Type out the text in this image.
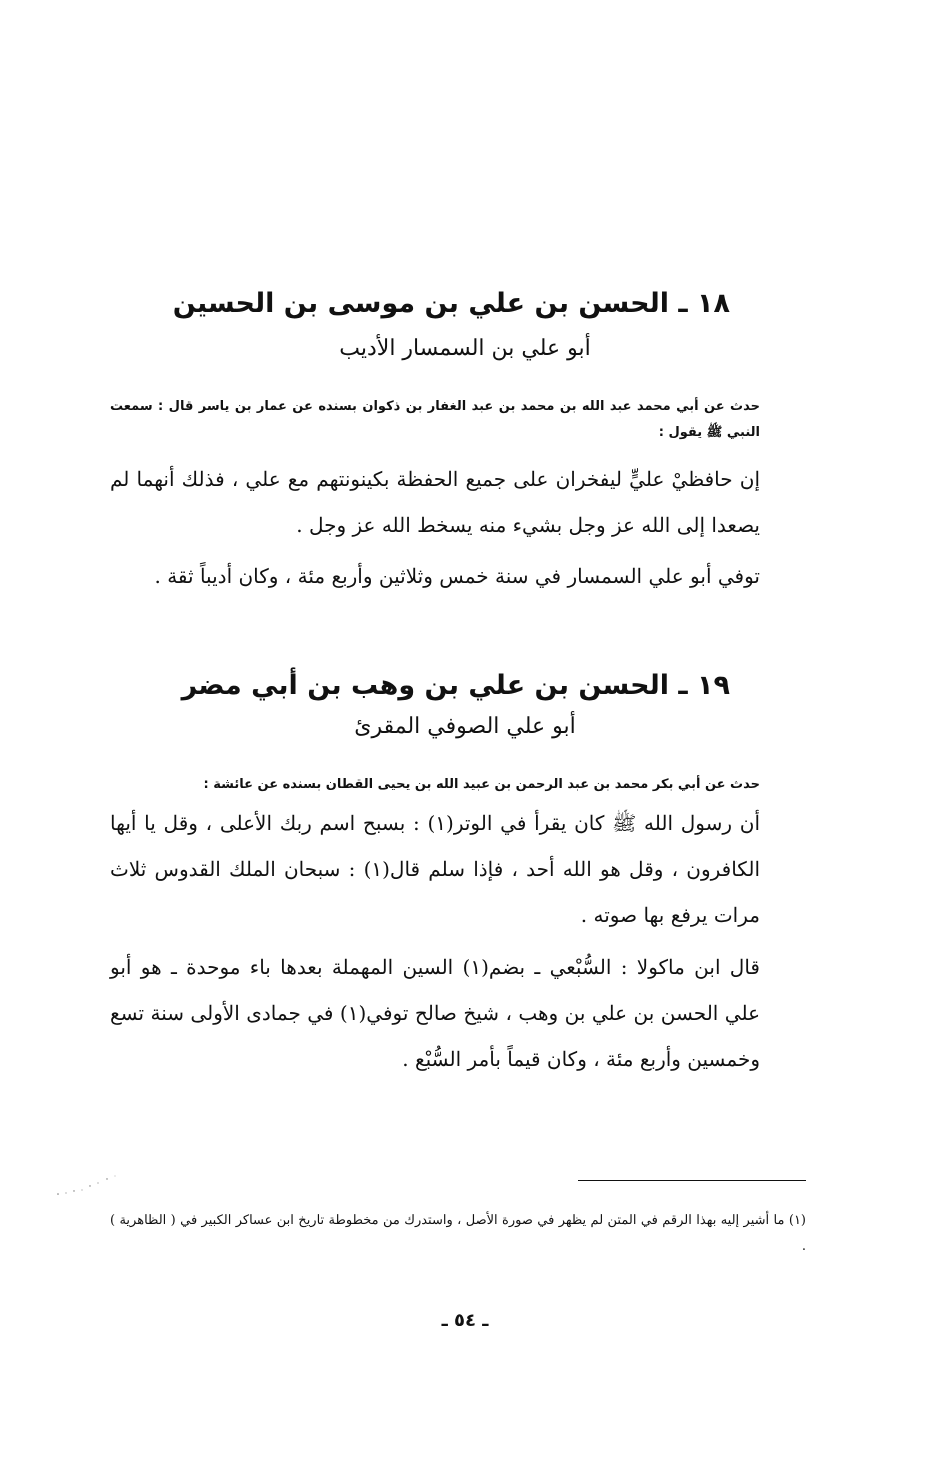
١٨ ـ الحسن بن علي بن موسى بن الحسين
أبو علي بن السمسار الأديب
حدث عن أبي محمد عبد الله بن محمد بن عبد الغفار بن ذكوان بسنده عن عمار بن ياسر قال : سمعت النبي ﷺ يقول :
إن حافظيْ عليٍّ ليفخران على جميع الحفظة بكينونتهم مع علي ، فذلك أنهما لم يصعدا إلى الله عز وجل بشيء منه يسخط الله عز وجل .
توفي أبو علي السمسار في سنة خمس وثلاثين وأربع مئة ، وكان أديباً ثقة .
١٩ ـ الحسن بن علي بن وهب بن أبي مضر
أبو علي الصوفي المقرئ
حدث عن أبي بكر محمد بن عبد الرحمن بن عبيد الله بن يحيى القطان بسنده عن عائشة :
أن رسول الله ﷺ كان يقرأ في الوتر(١) : بسبح اسم ربك الأعلى ، وقل يا أيها الكافرون ، وقل هو الله أحد ، فإذا سلم قال(١) : سبحان الملك القدوس ثلاث مرات يرفع بها صوته .
قال ابن ماكولا : السُّبْعي ـ بضم(١) السين المهملة بعدها باء موحدة ـ هو أبو علي الحسن بن علي بن وهب ، شيخ صالح توفي(١) في جمادى الأولى سنة تسع وخمسين وأربع مئة ، وكان قيماً بأمر السُّبْع .
(١) ما أشير إليه بهذا الرقم في المتن لم يظهر في صورة الأصل ، واستدرك من مخطوطة تاريخ ابن عساكر الكبير في ( الظاهرية ) .
ـ ٥٤ ـ
